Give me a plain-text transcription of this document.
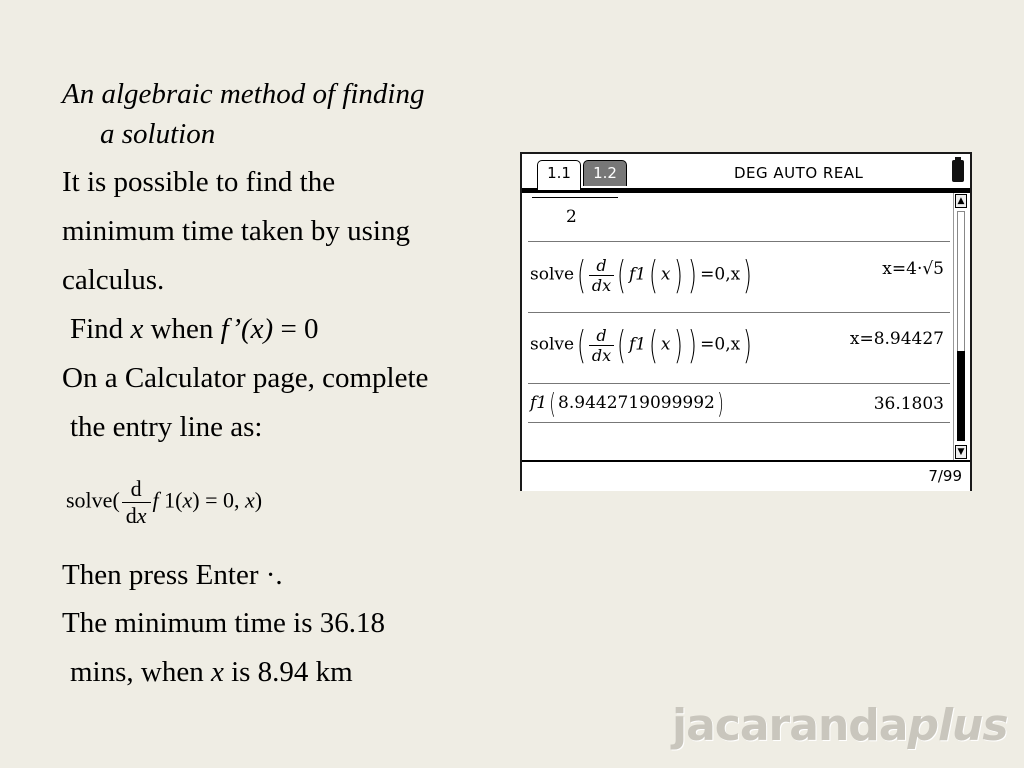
An algebraic method of finding
a solution
It is possible to find the
minimum time taken by using
calculus.
Find x when f’(x) = 0
On a Calculator page, complete
the entry line as:
solve( $\frac{d}{dx}$ f 1(x) = 0, x)
Then press Enter ·.
The minimum time is 36.18
mins, when x is 8.94 km
1.1	1.2	DEG AUTO REAL
2
solve( $\frac{d}{dx}$ ( f1( x) ) =0,x)	x=4·√5
solve( $\frac{d}{dx}$ ( f1( x) ) =0,x)	x=8.94427
f1( 8.9442719099992)	36.1803
▲
▼
7/99
jacarandaplus
